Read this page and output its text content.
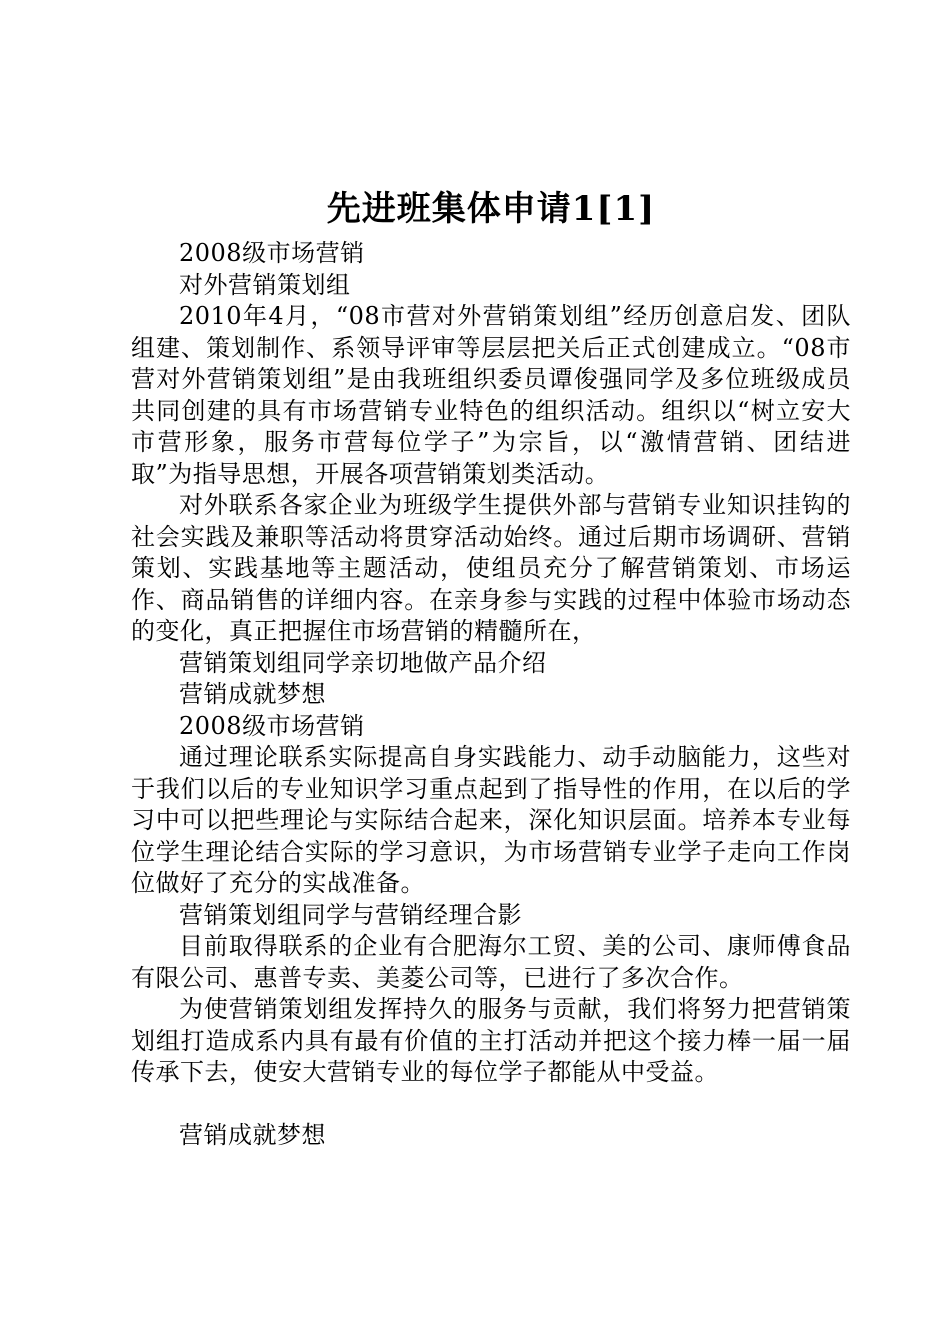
先进班集体申请1[1]

2008级市场营销

对外营销策划组

2010年4月，“08市营对外营销策划组”经历创意启发、团队组建、策划制作、系领导评审等层层把关后正式创建成立。“08市营对外营销策划组”是由我班组织委员谭俊强同学及多位班级成员共同创建的具有市场营销专业特色的组织活动。组织以“树立安大市营形象，服务市营每位学子”为宗旨，以“激情营销、团结进取”为指导思想，开展各项营销策划类活动。

对外联系各家企业为班级学生提供外部与营销专业知识挂钩的社会实践及兼职等活动将贯穿活动始终。通过后期市场调研、营销策划、实践基地等主题活动，使组员充分了解营销策划、市场运作、商品销售的详细内容。在亲身参与实践的过程中体验市场动态的变化，真正把握住市场营销的精髓所在，

营销策划组同学亲切地做产品介绍

营销成就梦想

2008级市场营销

通过理论联系实际提高自身实践能力、动手动脑能力，这些对于我们以后的专业知识学习重点起到了指导性的作用，在以后的学习中可以把些理论与实际结合起来，深化知识层面。培养本专业每位学生理论结合实际的学习意识，为市场营销专业学子走向工作岗位做好了充分的实战准备。

营销策划组同学与营销经理合影

目前取得联系的企业有合肥海尔工贸、美的公司、康师傅食品有限公司、惠普专卖、美菱公司等，已进行了多次合作。

为使营销策划组发挥持久的服务与贡献，我们将努力把营销策划组打造成系内具有最有价值的主打活动并把这个接力棒一届一届传承下去，使安大营销专业的每位学子都能从中受益。

营销成就梦想
